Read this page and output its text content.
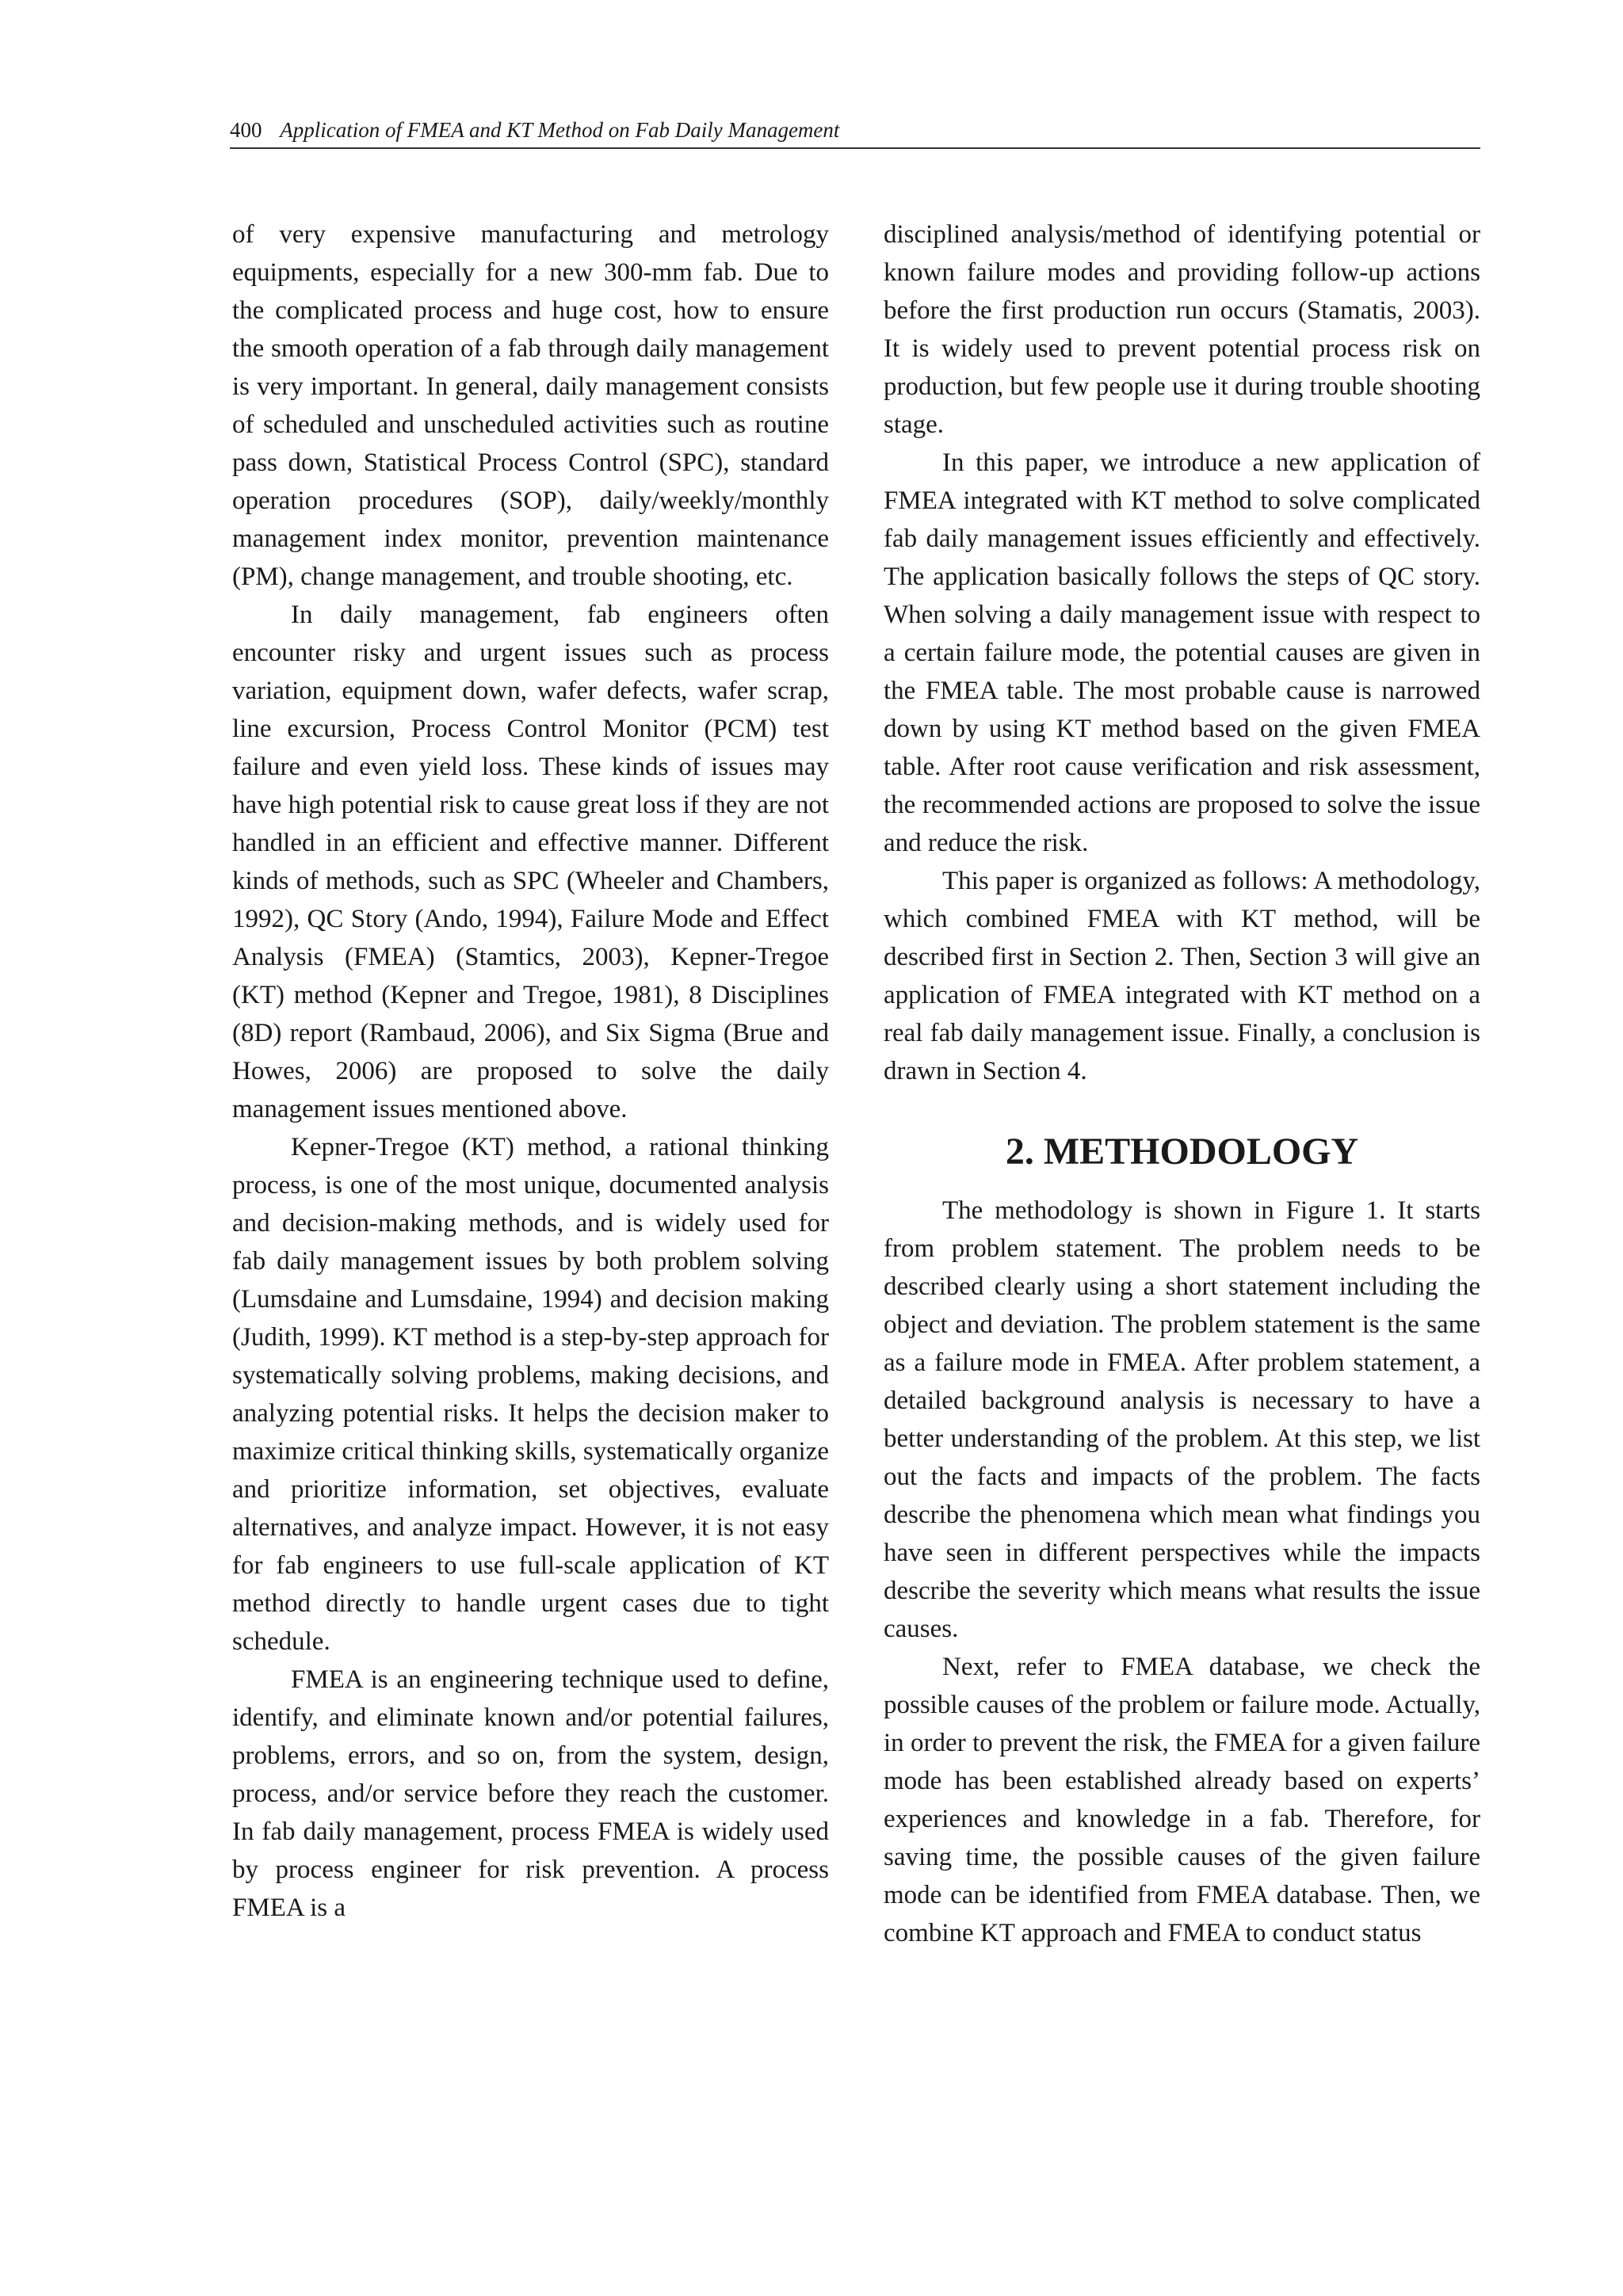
400 Application of FMEA and KT Method on Fab Daily Management

of very expensive manufacturing and metrology equipments, especially for a new 300-mm fab. Due to the complicated process and huge cost, how to ensure the smooth operation of a fab through daily management is very important. In general, daily management consists of scheduled and unscheduled activities such as routine pass down, Statistical Process Control (SPC), standard operation procedures (SOP), daily/weekly/monthly management index monitor, prevention maintenance (PM), change management, and trouble shooting, etc.

In daily management, fab engineers often encounter risky and urgent issues such as process variation, equipment down, wafer defects, wafer scrap, line excursion, Process Control Monitor (PCM) test failure and even yield loss. These kinds of issues may have high potential risk to cause great loss if they are not handled in an efficient and effective manner. Different kinds of methods, such as SPC (Wheeler and Chambers, 1992), QC Story (Ando, 1994), Failure Mode and Effect Analysis (FMEA) (Stamtics, 2003), Kepner-Tregoe (KT) method (Kepner and Tregoe, 1981), 8 Disciplines (8D) report (Rambaud, 2006), and Six Sigma (Brue and Howes, 2006) are proposed to solve the daily management issues mentioned above.

Kepner-Tregoe (KT) method, a rational thinking process, is one of the most unique, documented analysis and decision-making methods, and is widely used for fab daily management issues by both problem solving (Lumsdaine and Lumsdaine, 1994) and decision making (Judith, 1999). KT method is a step-by-step approach for systematically solving problems, making decisions, and analyzing potential risks. It helps the decision maker to maximize critical thinking skills, systematically organize and prioritize information, set objectives, evaluate alternatives, and analyze impact. However, it is not easy for fab engineers to use full-scale application of KT method directly to handle urgent cases due to tight schedule.

FMEA is an engineering technique used to define, identify, and eliminate known and/or potential failures, problems, errors, and so on, from the system, design, process, and/or service before they reach the customer. In fab daily management, process FMEA is widely used by process engineer for risk prevention. A process FMEA is a

disciplined analysis/method of identifying potential or known failure modes and providing follow-up actions before the first production run occurs (Stamatis, 2003). It is widely used to prevent potential process risk on production, but few people use it during trouble shooting stage.

In this paper, we introduce a new application of FMEA integrated with KT method to solve complicated fab daily management issues efficiently and effectively. The application basically follows the steps of QC story. When solving a daily management issue with respect to a certain failure mode, the potential causes are given in the FMEA table. The most probable cause is narrowed down by using KT method based on the given FMEA table. After root cause verification and risk assessment, the recommended actions are proposed to solve the issue and reduce the risk.

This paper is organized as follows: A methodology, which combined FMEA with KT method, will be described first in Section 2. Then, Section 3 will give an application of FMEA integrated with KT method on a real fab daily management issue. Finally, a conclusion is drawn in Section 4.

2. METHODOLOGY

The methodology is shown in Figure 1. It starts from problem statement. The problem needs to be described clearly using a short statement including the object and deviation. The problem statement is the same as a failure mode in FMEA. After problem statement, a detailed background analysis is necessary to have a better understanding of the problem. At this step, we list out the facts and impacts of the problem. The facts describe the phenomena which mean what findings you have seen in different perspectives while the impacts describe the severity which means what results the issue causes.

Next, refer to FMEA database, we check the possible causes of the problem or failure mode. Actually, in order to prevent the risk, the FMEA for a given failure mode has been established already based on experts’ experiences and knowledge in a fab. Therefore, for saving time, the possible causes of the given failure mode can be identified from FMEA database. Then, we combine KT approach and FMEA to conduct status
